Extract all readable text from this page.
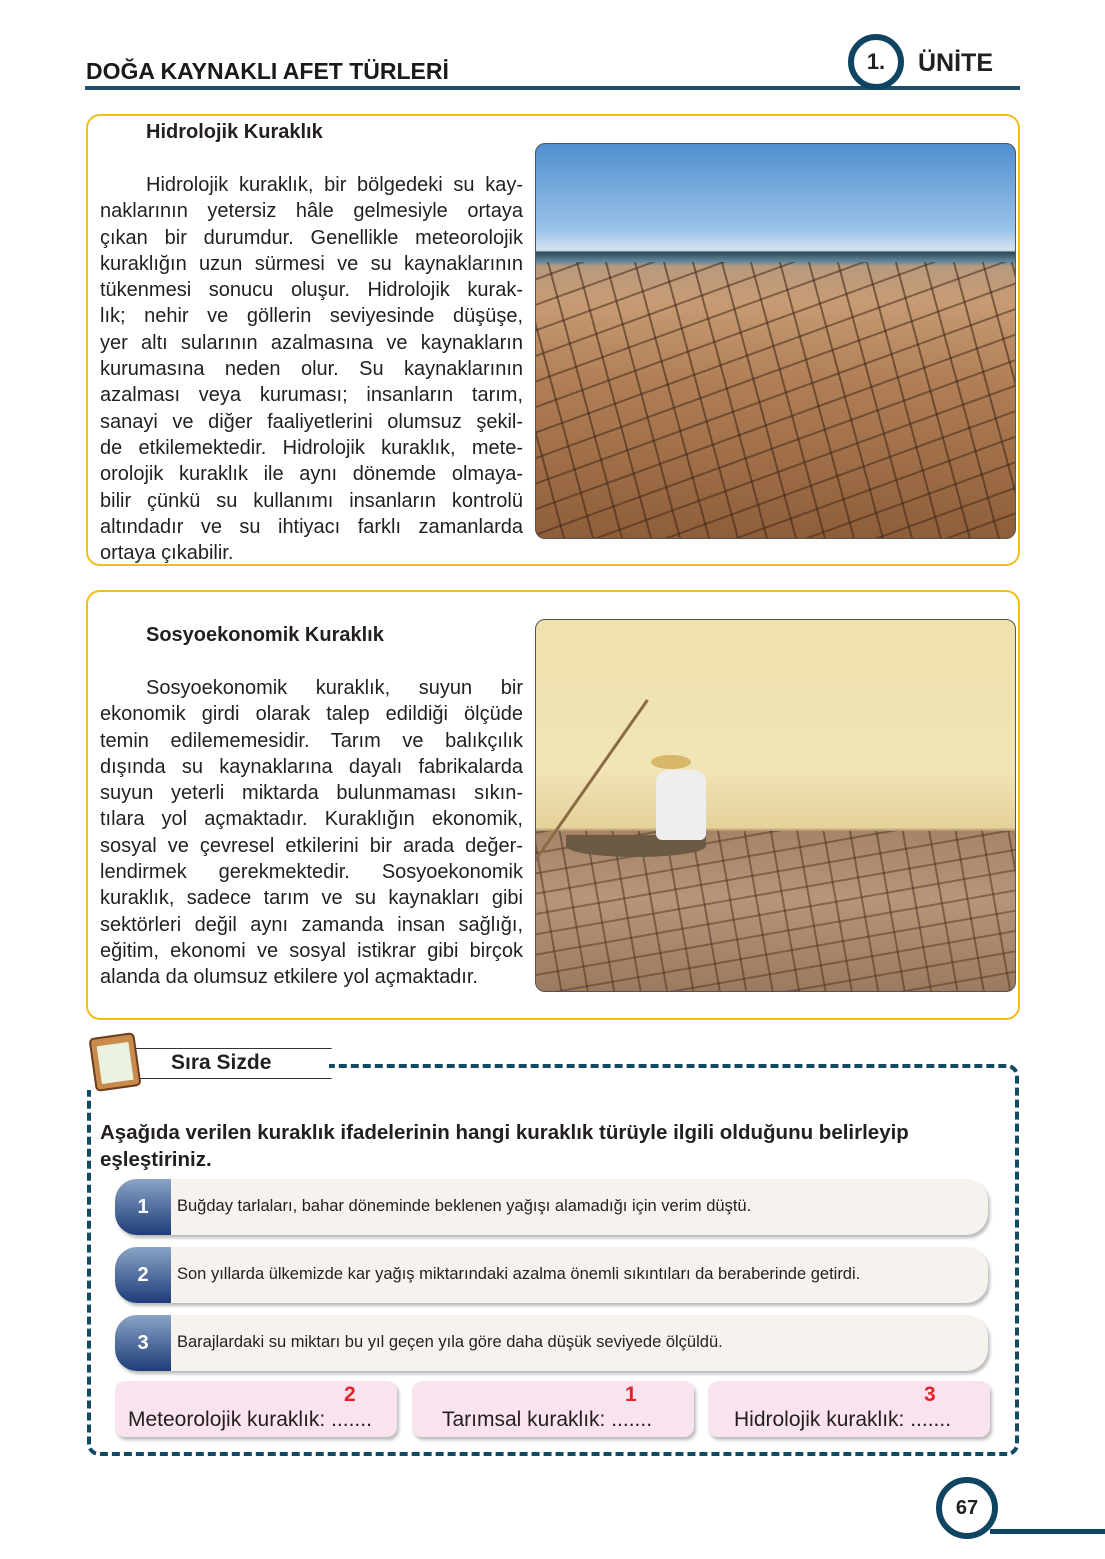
DOĞA KAYNAKLI AFET TÜRLERİ	1. ÜNİTE
Hidrolojik Kuraklık
Hidrolojik kuraklık, bir bölgedeki su kay-
naklarının yetersiz hâle gelmesiyle ortaya
çıkan bir durumdur. Genellikle meteorolojik
kuraklığın uzun sürmesi ve su kaynaklarının
tükenmesi sonucu oluşur. Hidrolojik kurak-
lık; nehir ve göllerin seviyesinde düşüşe,
yer altı sularının azalmasına ve kaynakların
kurumasına neden olur. Su kaynaklarının
azalması veya kuruması; insanların tarım,
sanayi ve diğer faaliyetlerini olumsuz şekil-
de etkilemektedir. Hidrolojik kuraklık, mete-
orolojik kuraklık ile aynı dönemde olmaya-
bilir çünkü su kullanımı insanların kontrolü
altındadır ve su ihtiyacı farklı zamanlarda
ortaya çıkabilir.
Sosyoekonomik Kuraklık
Sosyoekonomik kuraklık, suyun bir
ekonomik girdi olarak talep edildiği ölçüde
temin edilememesidir. Tarım ve balıkçılık
dışında su kaynaklarına dayalı fabrikalarda
suyun yeterli miktarda bulunmaması sıkın-
tılara yol açmaktadır. Kuraklığın ekonomik,
sosyal ve çevresel etkilerini bir arada değer-
lendirmek gerekmektedir. Sosyoekonomik
kuraklık, sadece tarım ve su kaynakları gibi
sektörleri değil aynı zamanda insan sağlığı,
eğitim, ekonomi ve sosyal istikrar gibi birçok
alanda da olumsuz etkilere yol açmaktadır.
Sıra Sizde
Aşağıda verilen kuraklık ifadelerinin hangi kuraklık türüyle ilgili olduğunu belirleyip eşleştiriniz.
1	Buğday tarlaları, bahar döneminde beklenen yağışı alamadığı için verim düştü.
2	Son yıllarda ülkemizde kar yağış miktarındaki azalma önemli sıkıntıları da beraberinde getirdi.
3	Barajlardaki su miktarı bu yıl geçen yıla göre daha düşük seviyede ölçüldü.
Meteorolojik kuraklık: .......
2
Tarımsal kuraklık: .......
1
Hidrolojik kuraklık: .......
3
67
